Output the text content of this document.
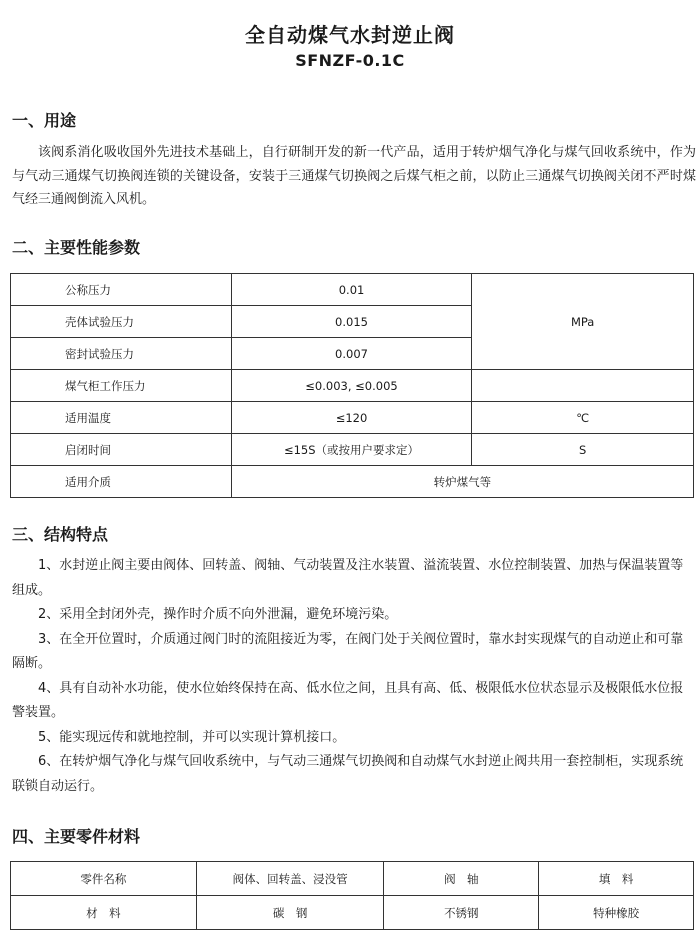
全自动煤气水封逆止阀
SFNZF-0.1C
一、用途
该阀系消化吸收国外先进技术基础上，自行研制开发的新一代产品，适用于转炉烟气净化与煤气回收系统中，作为与气动三通煤气切换阀连锁的关键设备，安装于三通煤气切换阀之后煤气柜之前，以防止三通煤气切换阀关闭不严时煤气经三通阀倒流入风机。
二、主要性能参数
公称压力	0.01	MPa
壳体试验压力	0.015	
密封试验压力	0.007	
煤气柜工作压力	≤0.003, ≤0.005	
适用温度	≤120	℃
启闭时间	≤15S（或按用户要求定）	S
适用介质	转炉煤气等	
三、结构特点

1、水封逆止阀主要由阀体、回转盖、阀轴、气动装置及注水装置、溢流装置、水位控制装置、加热与保温装置等组成。

2、采用全封闭外壳，操作时介质不向外泄漏，避免环境污染。

3、在全开位置时，介质通过阀门时的流阻接近为零，在阀门处于关阀位置时，靠水封实现煤气的自动逆止和可靠隔断。

4、具有自动补水功能，使水位始终保持在高、低水位之间，且具有高、低、极限低水位状态显示及极限低水位报警装置。

5、能实现远传和就地控制，并可以实现计算机接口。

6、在转炉烟气净化与煤气回收系统中，与气动三通煤气切换阀和自动煤气水封逆止阀共用一套控制柜，实现系统联锁自动运行。

四、主要零件材料
零件名称	阀体、回转盖、浸没管	阀　轴	填　料
材　料	碳　钢	不锈钢	特种橡胶
